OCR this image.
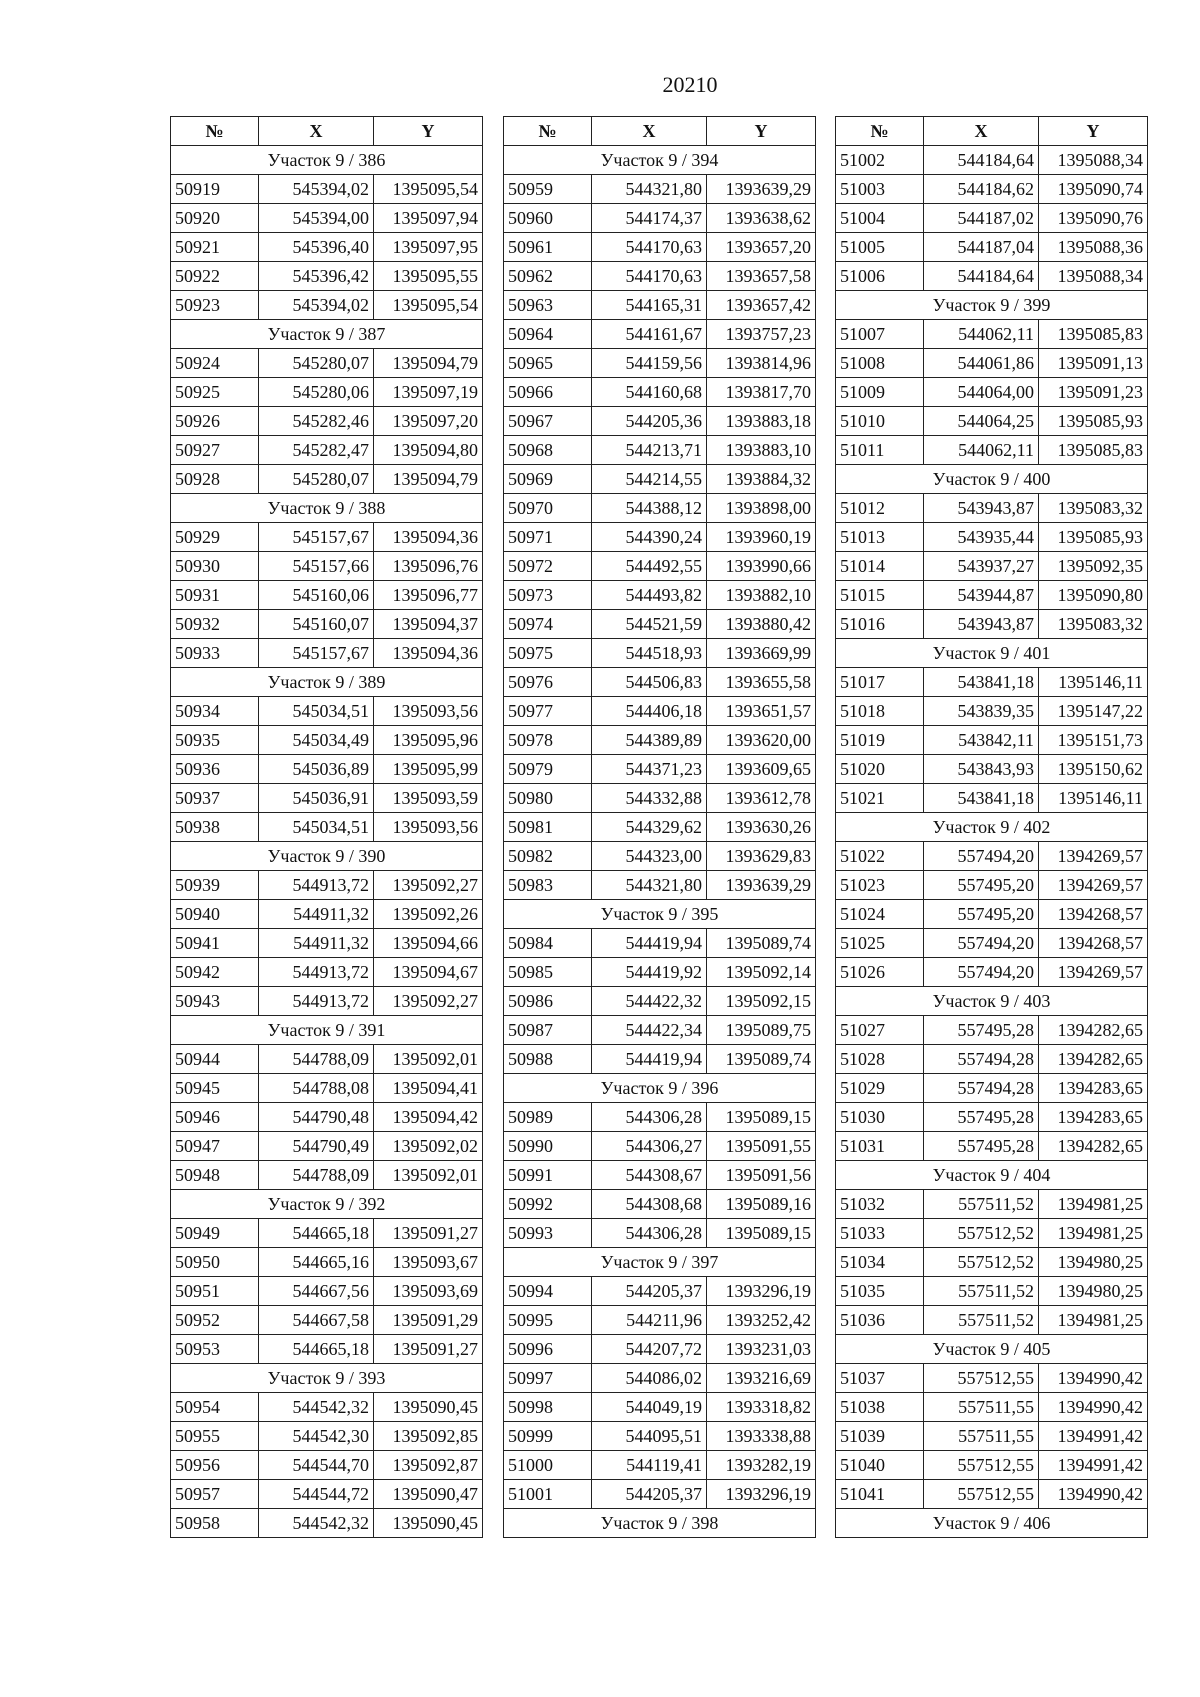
20210
№	X	Y
Участок 9 / 386		
50919	545394,02	1395095,54
50920	545394,00	1395097,94
50921	545396,40	1395097,95
50922	545396,42	1395095,55
50923	545394,02	1395095,54
Участок 9 / 387		
50924	545280,07	1395094,79
50925	545280,06	1395097,19
50926	545282,46	1395097,20
50927	545282,47	1395094,80
50928	545280,07	1395094,79
Участок 9 / 388		
50929	545157,67	1395094,36
50930	545157,66	1395096,76
50931	545160,06	1395096,77
50932	545160,07	1395094,37
50933	545157,67	1395094,36
Участок 9 / 389		
50934	545034,51	1395093,56
50935	545034,49	1395095,96
50936	545036,89	1395095,99
50937	545036,91	1395093,59
50938	545034,51	1395093,56
Участок 9 / 390		
50939	544913,72	1395092,27
50940	544911,32	1395092,26
50941	544911,32	1395094,66
50942	544913,72	1395094,67
50943	544913,72	1395092,27
Участок 9 / 391		
50944	544788,09	1395092,01
50945	544788,08	1395094,41
50946	544790,48	1395094,42
50947	544790,49	1395092,02
50948	544788,09	1395092,01
Участок 9 / 392		
50949	544665,18	1395091,27
50950	544665,16	1395093,67
50951	544667,56	1395093,69
50952	544667,58	1395091,29
50953	544665,18	1395091,27
Участок 9 / 393		
50954	544542,32	1395090,45
50955	544542,30	1395092,85
50956	544544,70	1395092,87
50957	544544,72	1395090,47
50958	544542,32	1395090,45
№	X	Y
Участок 9 / 394		
50959	544321,80	1393639,29
50960	544174,37	1393638,62
50961	544170,63	1393657,20
50962	544170,63	1393657,58
50963	544165,31	1393657,42
50964	544161,67	1393757,23
50965	544159,56	1393814,96
50966	544160,68	1393817,70
50967	544205,36	1393883,18
50968	544213,71	1393883,10
50969	544214,55	1393884,32
50970	544388,12	1393898,00
50971	544390,24	1393960,19
50972	544492,55	1393990,66
50973	544493,82	1393882,10
50974	544521,59	1393880,42
50975	544518,93	1393669,99
50976	544506,83	1393655,58
50977	544406,18	1393651,57
50978	544389,89	1393620,00
50979	544371,23	1393609,65
50980	544332,88	1393612,78
50981	544329,62	1393630,26
50982	544323,00	1393629,83
50983	544321,80	1393639,29
Участок 9 / 395		
50984	544419,94	1395089,74
50985	544419,92	1395092,14
50986	544422,32	1395092,15
50987	544422,34	1395089,75
50988	544419,94	1395089,74
Участок 9 / 396		
50989	544306,28	1395089,15
50990	544306,27	1395091,55
50991	544308,67	1395091,56
50992	544308,68	1395089,16
50993	544306,28	1395089,15
Участок 9 / 397		
50994	544205,37	1393296,19
50995	544211,96	1393252,42
50996	544207,72	1393231,03
50997	544086,02	1393216,69
50998	544049,19	1393318,82
50999	544095,51	1393338,88
51000	544119,41	1393282,19
51001	544205,37	1393296,19
Участок 9 / 398		
№	X	Y
51002	544184,64	1395088,34
51003	544184,62	1395090,74
51004	544187,02	1395090,76
51005	544187,04	1395088,36
51006	544184,64	1395088,34
Участок 9 / 399		
51007	544062,11	1395085,83
51008	544061,86	1395091,13
51009	544064,00	1395091,23
51010	544064,25	1395085,93
51011	544062,11	1395085,83
Участок 9 / 400		
51012	543943,87	1395083,32
51013	543935,44	1395085,93
51014	543937,27	1395092,35
51015	543944,87	1395090,80
51016	543943,87	1395083,32
Участок 9 / 401		
51017	543841,18	1395146,11
51018	543839,35	1395147,22
51019	543842,11	1395151,73
51020	543843,93	1395150,62
51021	543841,18	1395146,11
Участок 9 / 402		
51022	557494,20	1394269,57
51023	557495,20	1394269,57
51024	557495,20	1394268,57
51025	557494,20	1394268,57
51026	557494,20	1394269,57
Участок 9 / 403		
51027	557495,28	1394282,65
51028	557494,28	1394282,65
51029	557494,28	1394283,65
51030	557495,28	1394283,65
51031	557495,28	1394282,65
Участок 9 / 404		
51032	557511,52	1394981,25
51033	557512,52	1394981,25
51034	557512,52	1394980,25
51035	557511,52	1394980,25
51036	557511,52	1394981,25
Участок 9 / 405		
51037	557512,55	1394990,42
51038	557511,55	1394990,42
51039	557511,55	1394991,42
51040	557512,55	1394991,42
51041	557512,55	1394990,42
Участок 9 / 406		
